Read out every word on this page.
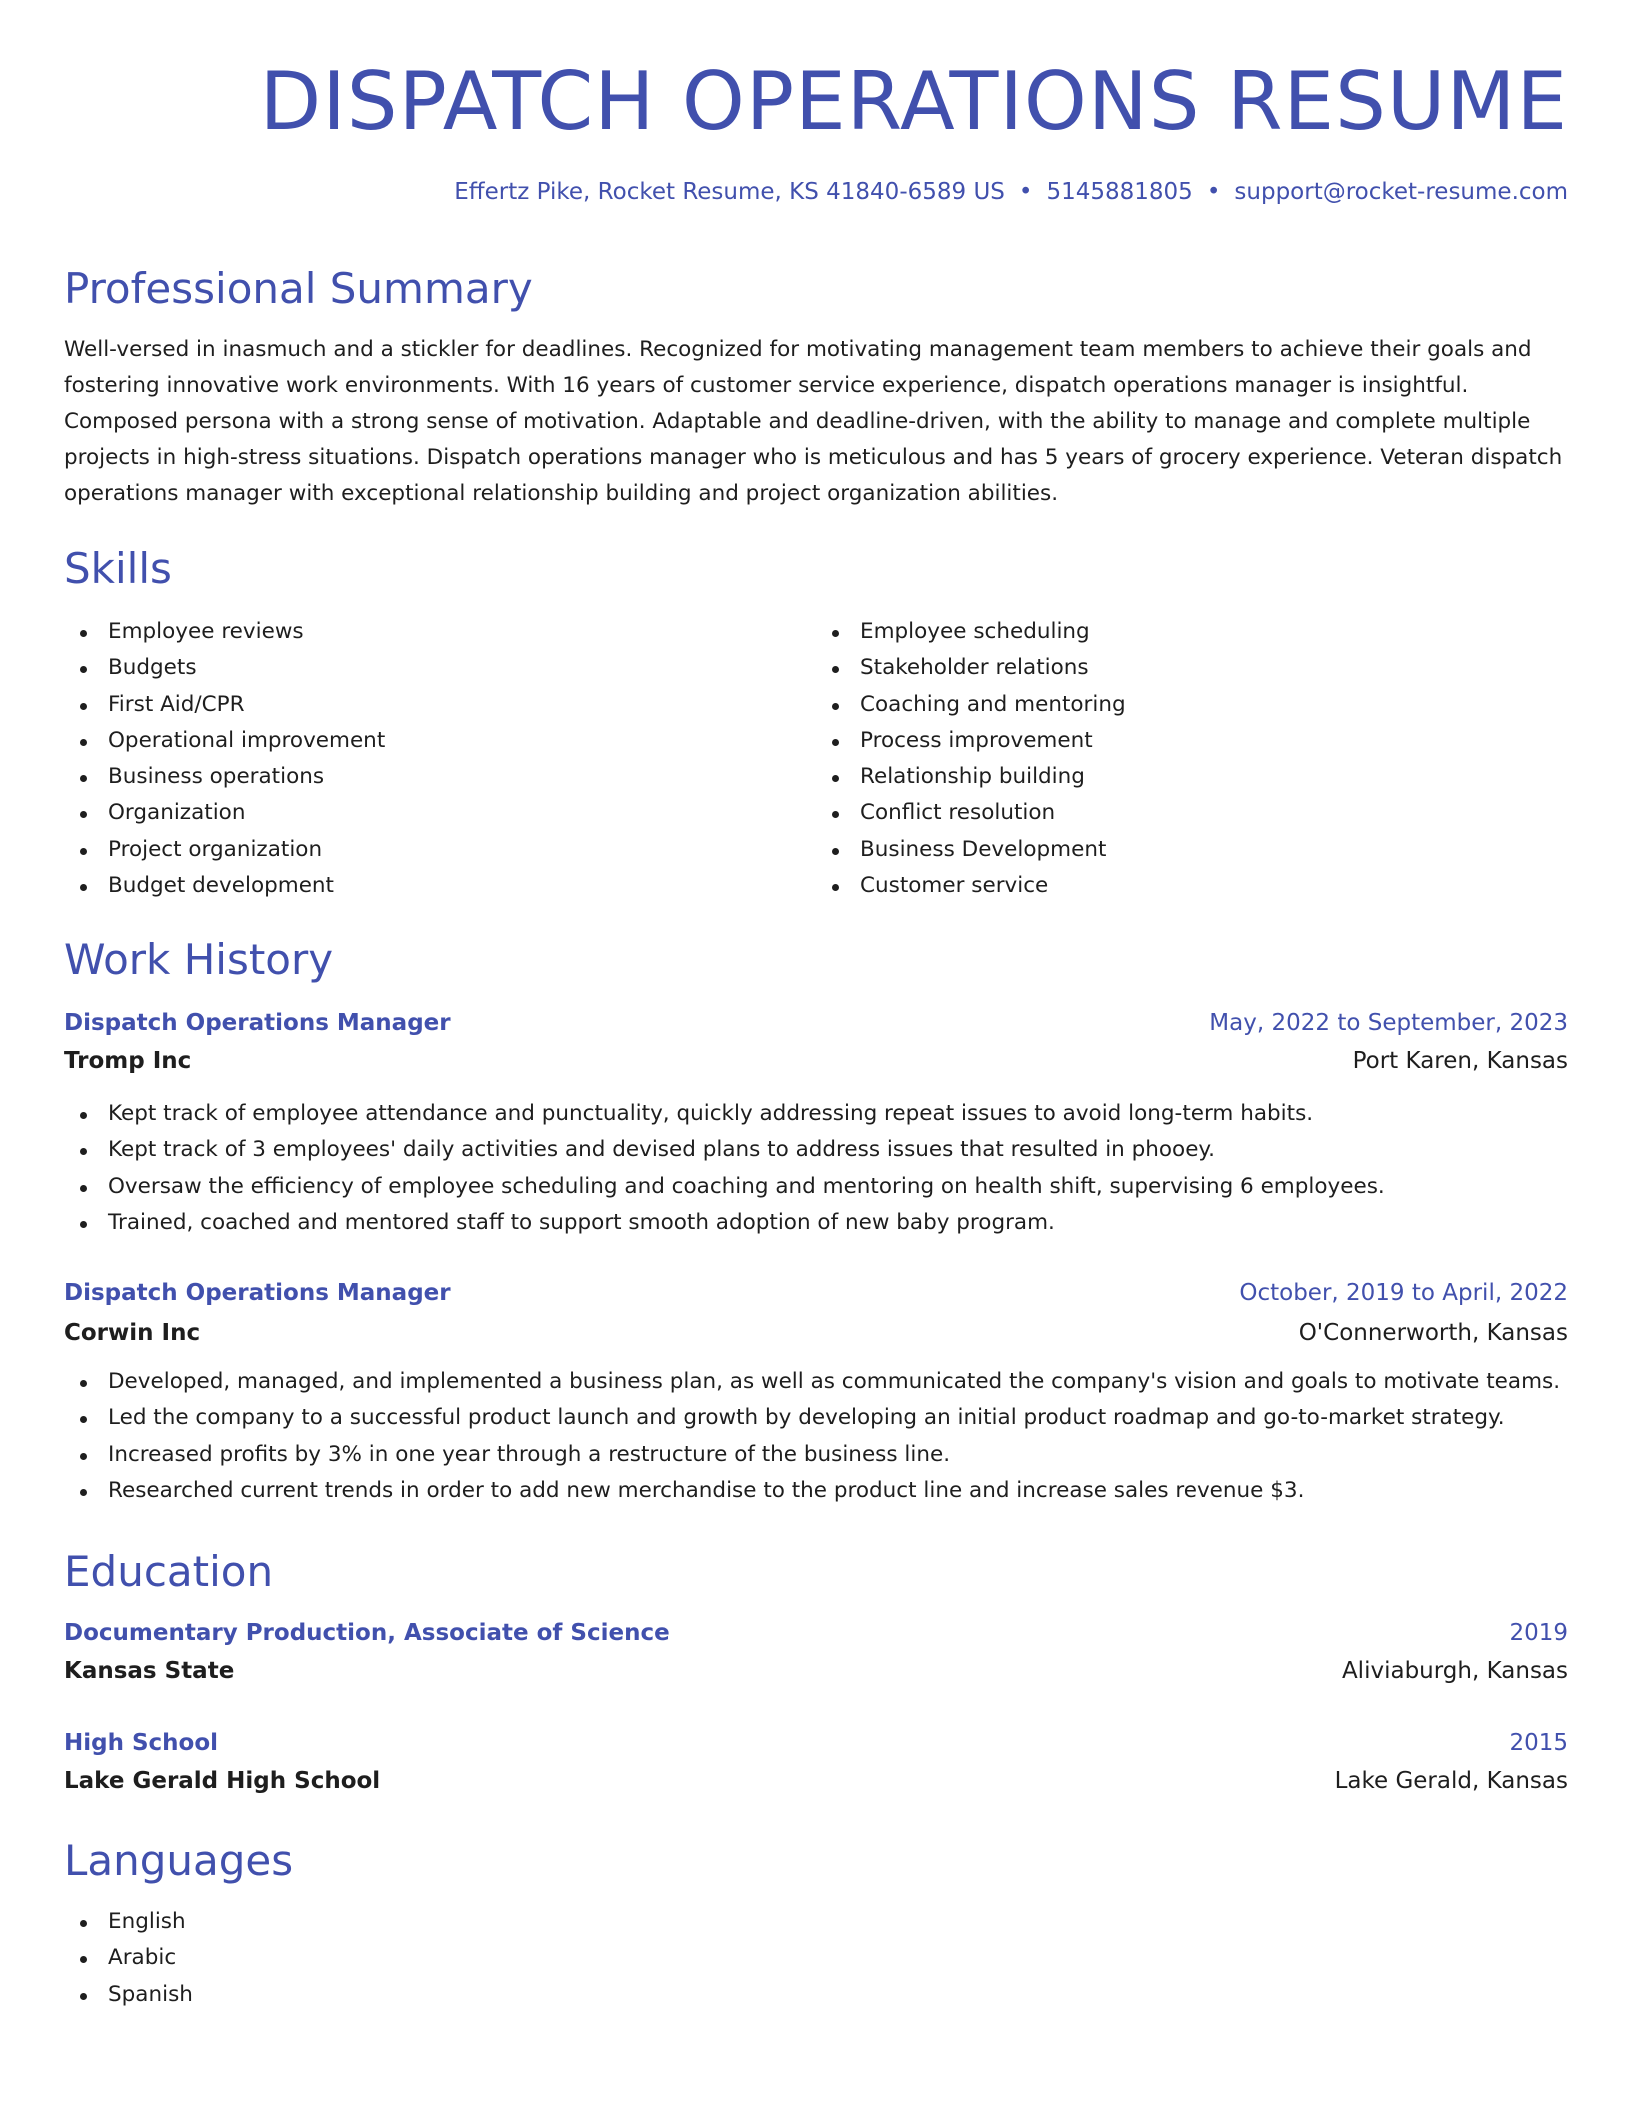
DISPATCH OPERATIONS RESUME
Effertz Pike, Rocket Resume, KS 41840-6589 US • 5145881805 • support@rocket-resume.com
Professional Summary

Well-versed in inasmuch and a stickler for deadlines. Recognized for motivating management team members to achieve their goals and fostering innovative work environments. With 16 years of customer service experience, dispatch operations manager is insightful. Composed persona with a strong sense of motivation. Adaptable and deadline-driven, with the ability to manage and complete multiple projects in high-stress situations. Dispatch operations manager who is meticulous and has 5 years of grocery experience. Veteran dispatch operations manager with exceptional relationship building and project organization abilities.

Skills
Employee reviews
Budgets
First Aid/CPR
Operational improvement
Business operations
Organization
Project organization
Budget development
Employee scheduling
Stakeholder relations
Coaching and mentoring
Process improvement
Relationship building
Conflict resolution
Business Development
Customer service
Work History
Dispatch Operations Manager	May, 2022 to September, 2023
Tromp Inc	Port Karen, Kansas
Kept track of employee attendance and punctuality, quickly addressing repeat issues to avoid long-term habits.
Kept track of 3 employees' daily activities and devised plans to address issues that resulted in phooey.
Oversaw the efficiency of employee scheduling and coaching and mentoring on health shift, supervising 6 employees.
Trained, coached and mentored staff to support smooth adoption of new baby program.
Dispatch Operations Manager	October, 2019 to April, 2022
Corwin Inc	O'Connerworth, Kansas
Developed, managed, and implemented a business plan, as well as communicated the company's vision and goals to motivate teams.
Led the company to a successful product launch and growth by developing an initial product roadmap and go-to-market strategy.
Increased profits by 3% in one year through a restructure of the business line.
Researched current trends in order to add new merchandise to the product line and increase sales revenue $3.
Education
Documentary Production, Associate of Science	2019
Kansas State	Aliviaburgh, Kansas
High School	2015
Lake Gerald High School	Lake Gerald, Kansas
Languages
English
Arabic
Spanish
